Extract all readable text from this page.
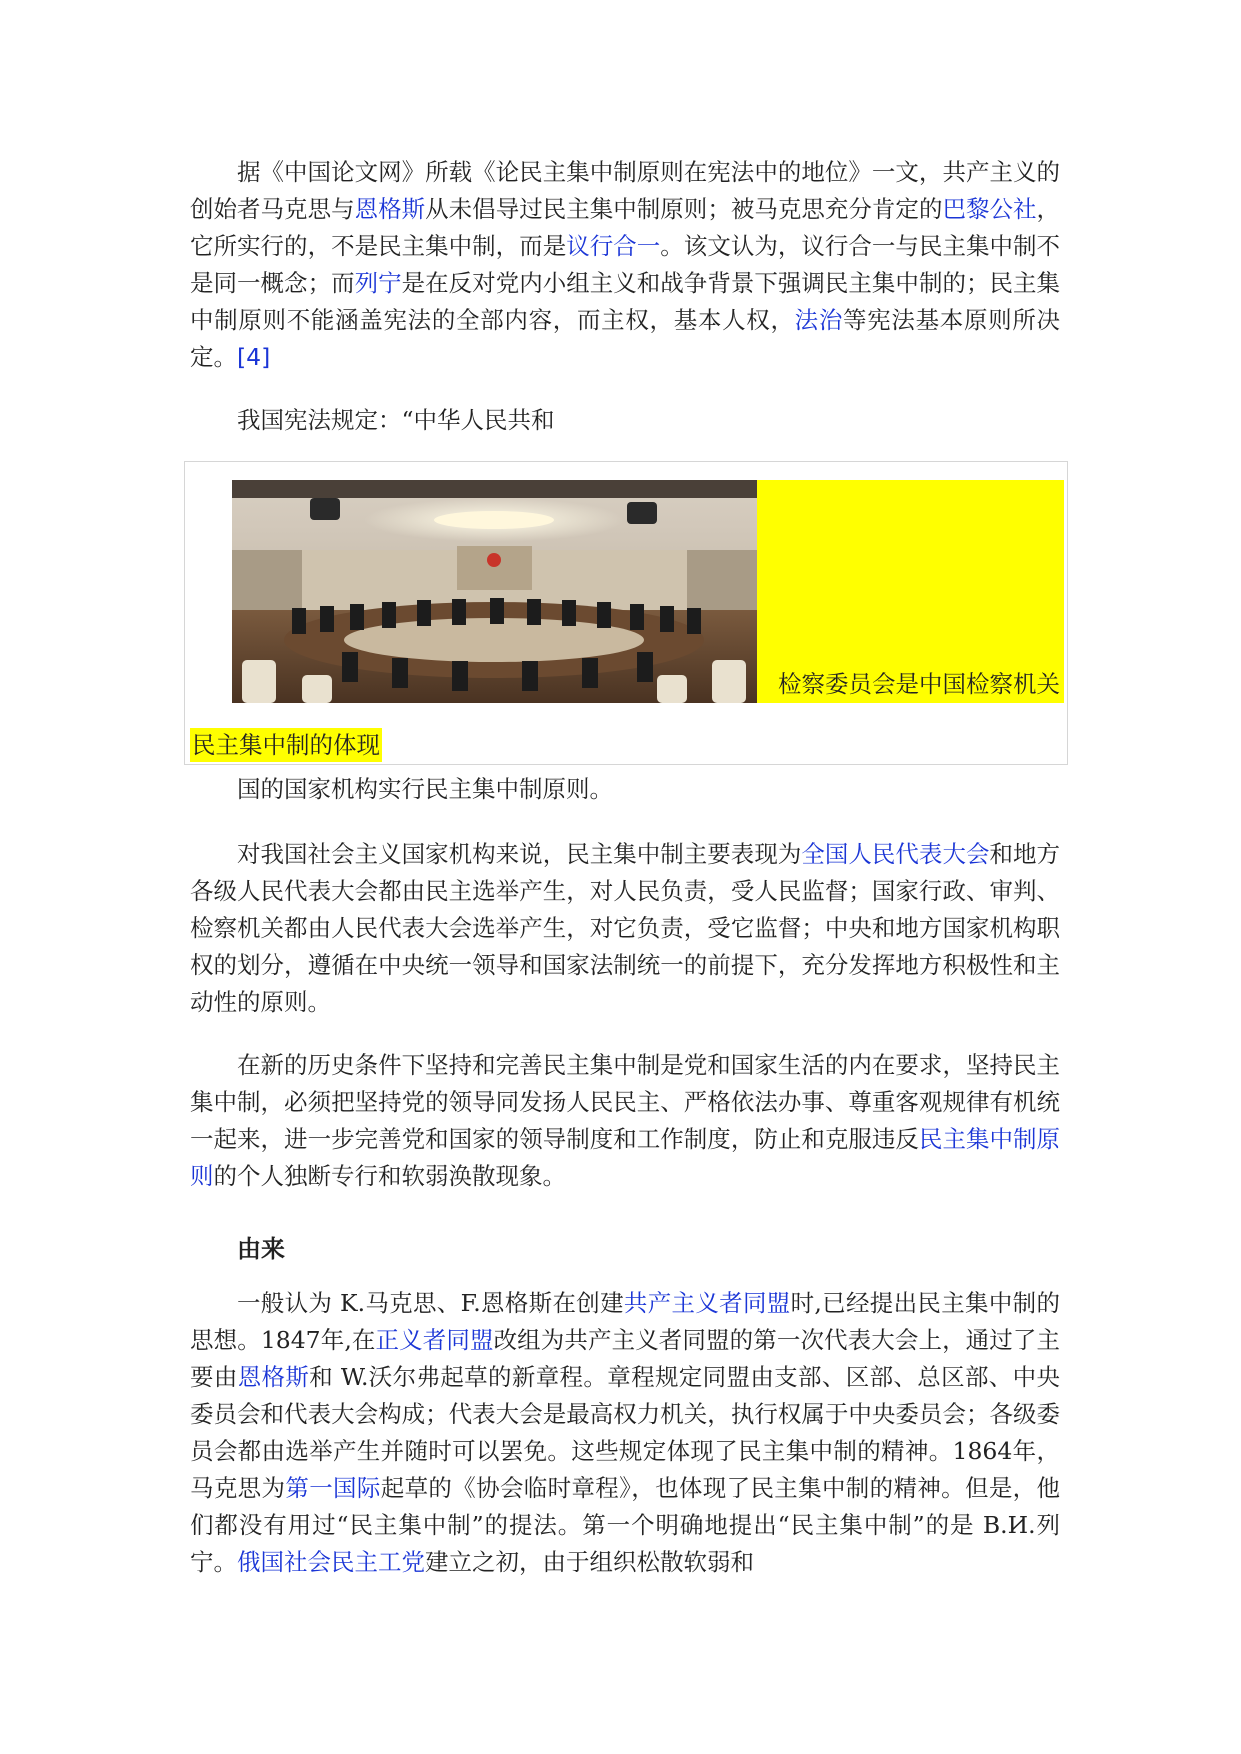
据《中国论文网》所载《论民主集中制原则在宪法中的地位》一文，共产主义的创始者马克思与恩格斯从未倡导过民主集中制原则；被马克思充分肯定的巴黎公社，它所实行的，不是民主集中制，而是议行合一。该文认为，议行合一与民主集中制不是同一概念；而列宁是在反对党内小组主义和战争背景下强调民主集中制的；民主集中制原则不能涵盖宪法的全部内容，而主权，基本人权，法治等宪法基本原则所决定。[4]

我国宪法规定：“中华人民共和

检察委员会是中国检察机关
民主集中制的体现

国的国家机构实行民主集中制原则。

对我国社会主义国家机构来说，民主集中制主要表现为全国人民代表大会和地方各级人民代表大会都由民主选举产生，对人民负责，受人民监督；国家行政、审判、检察机关都由人民代表大会选举产生，对它负责，受它监督；中央和地方国家机构职权的划分，遵循在中央统一领导和国家法制统一的前提下，充分发挥地方积极性和主动性的原则。

在新的历史条件下坚持和完善民主集中制是党和国家生活的内在要求，坚持民主集中制，必须把坚持党的领导同发扬人民民主、严格依法办事、尊重客观规律有机统一起来，进一步完善党和国家的领导制度和工作制度，防止和克服违反民主集中制原则的个人独断专行和软弱涣散现象。

由来

一般认为 K.马克思、F.恩格斯在创建共产主义者同盟时,已经提出民主集中制的思想。1847年,在正义者同盟改组为共产主义者同盟的第一次代表大会上，通过了主要由恩格斯和 W.沃尔弗起草的新章程。章程规定同盟由支部、区部、总区部、中央委员会和代表大会构成；代表大会是最高权力机关，执行权属于中央委员会；各级委员会都由选举产生并随时可以罢免。这些规定体现了民主集中制的精神。1864年，马克思为第一国际起草的《协会临时章程》，也体现了民主集中制的精神。但是，他们都没有用过“民主集中制”的提法。第一个明确地提出“民主集中制”的是 В.И.列宁。俄国社会民主工党建立之初，由于组织松散软弱和
